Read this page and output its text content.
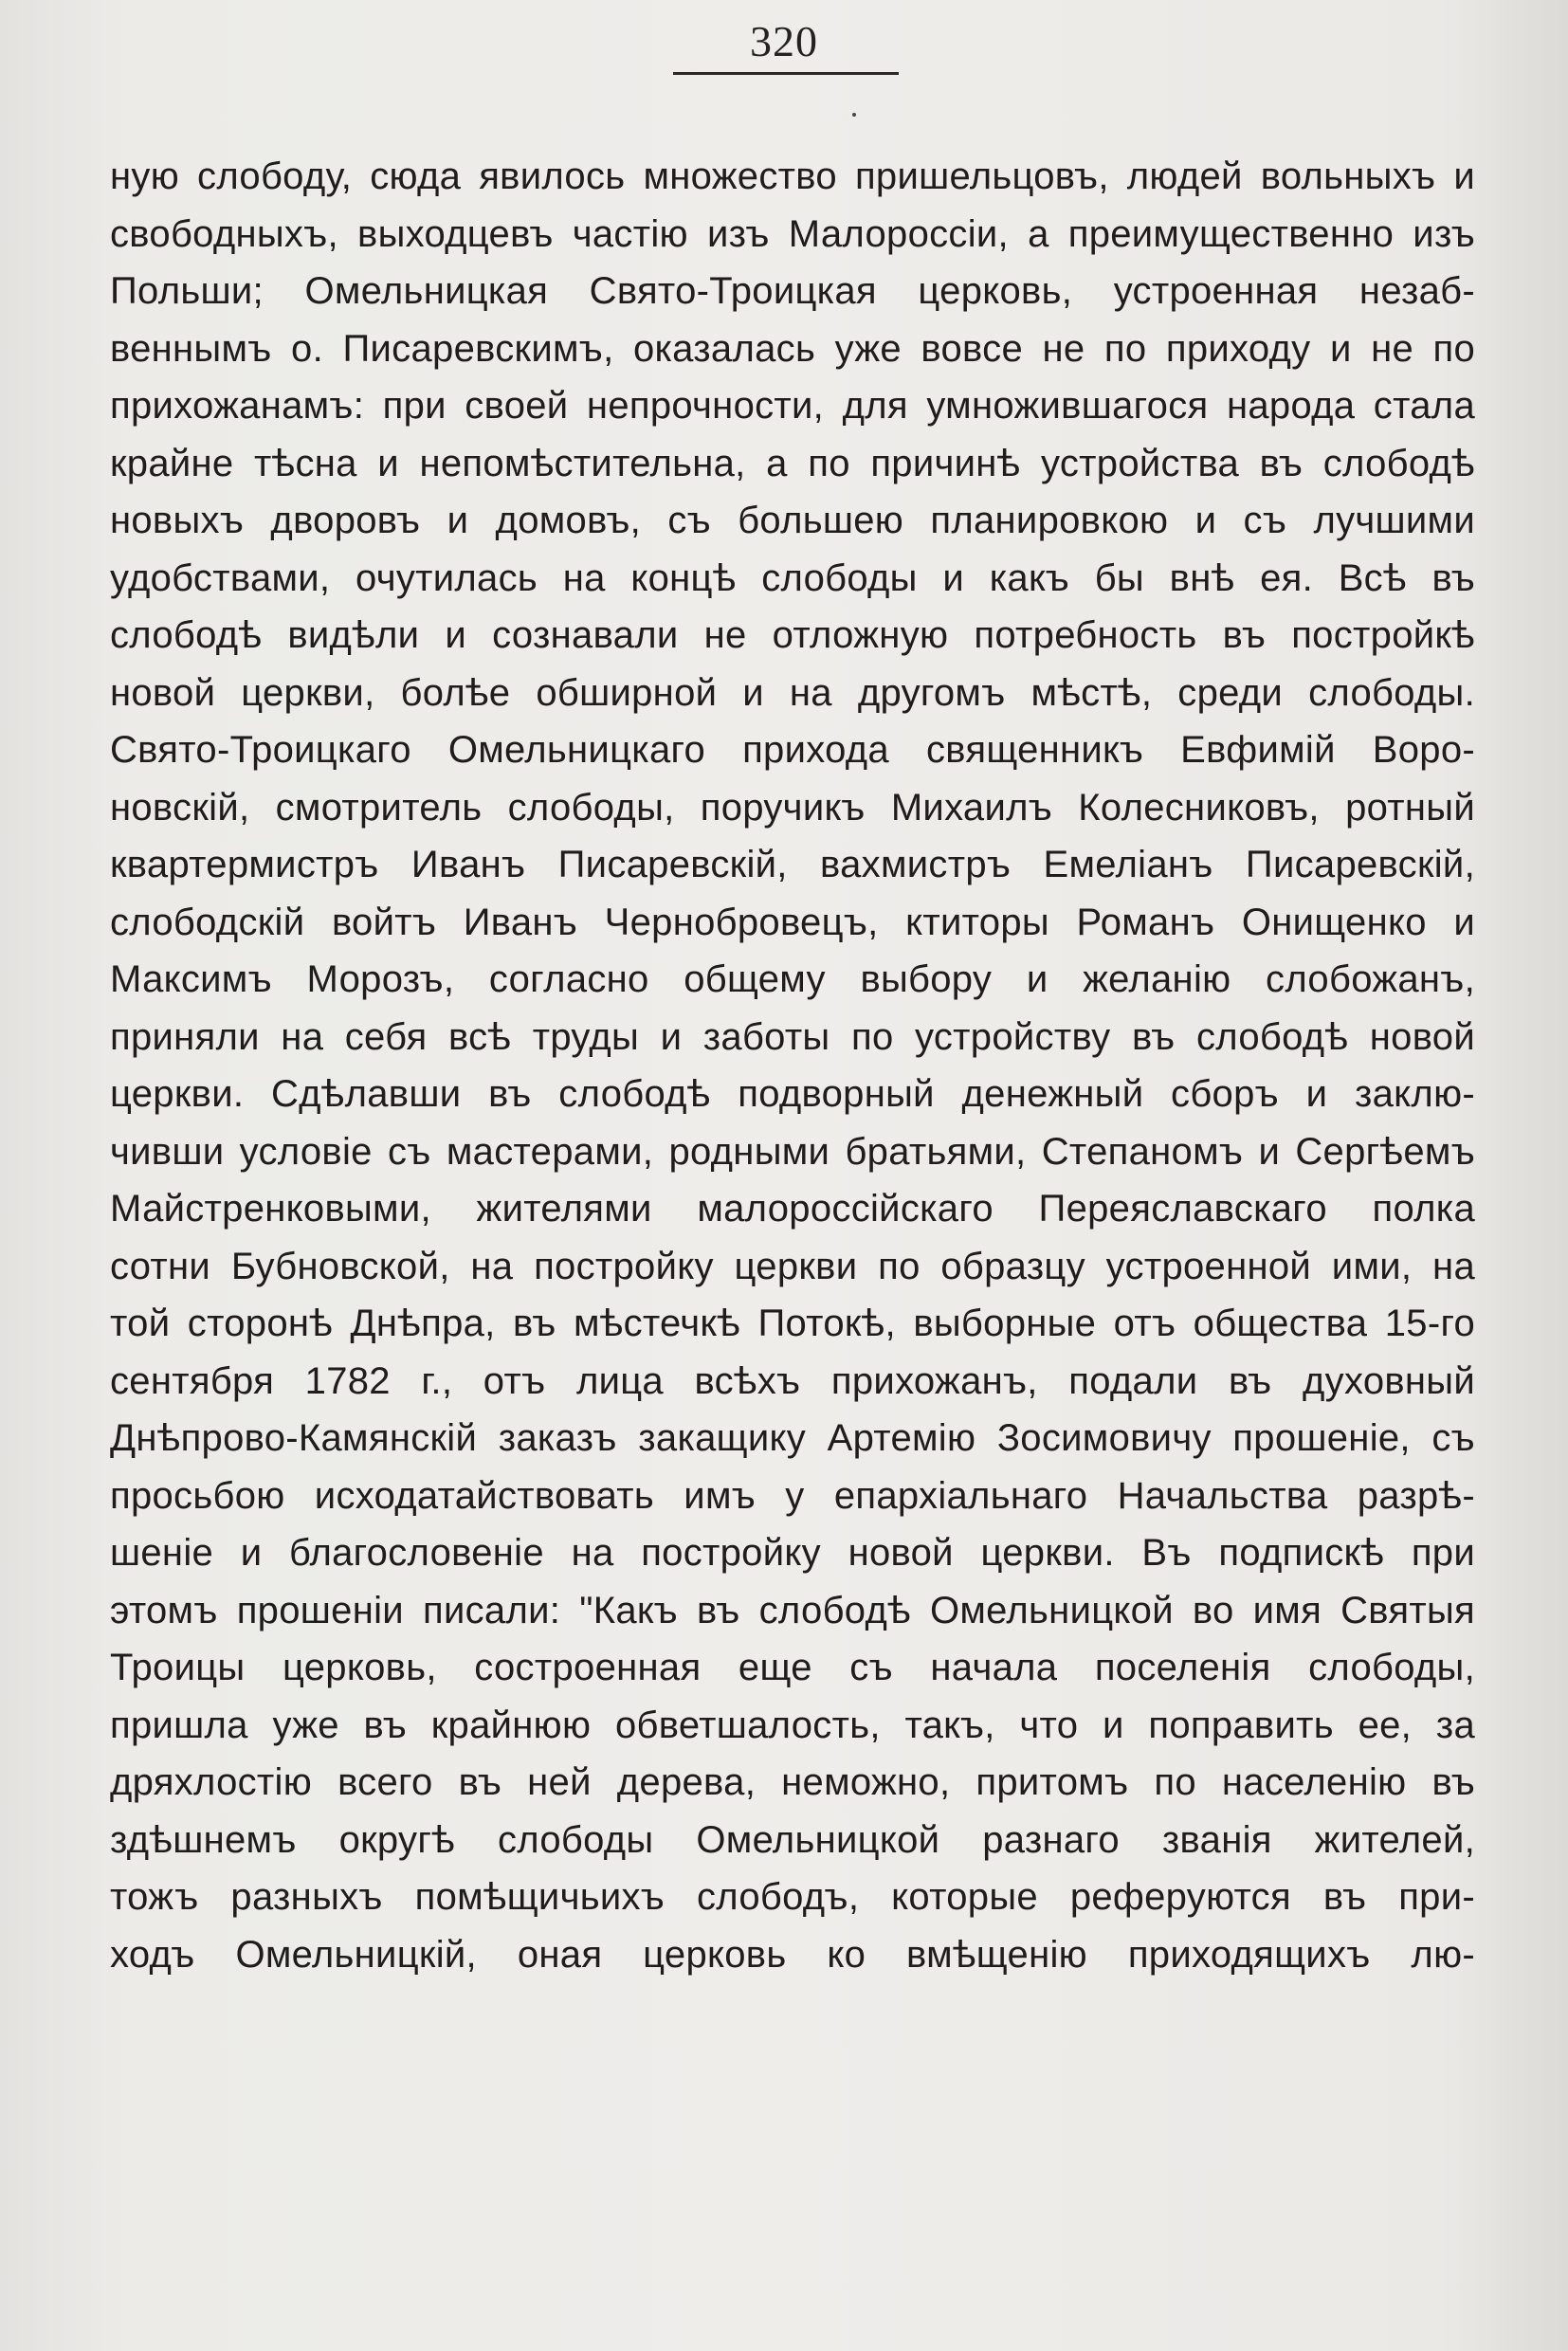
320
ную слободу, сюда явилось множество пришельцовъ, людей вольныхъ и
свободныхъ, выходцевъ частію изъ Малороссіи, а преимущественно изъ
Польши; Омельницкая Свято-Троицкая церковь, устроенная незаб-
веннымъ о. Писаревскимъ, оказалась уже вовсе не по приходу и не по
прихожанамъ: при своей непрочности, для умножившагося народа стала
крайне тѣсна и непомѣстительна, а по причинѣ устройства въ слободѣ
новыхъ дворовъ и домовъ, съ большею планировкою и съ лучшими
удобствами, очутилась на концѣ слободы и какъ бы внѣ ея. Всѣ въ
слободѣ видѣли и сознавали не отложную потребность въ постройкѣ
новой церкви, болѣе обширной и на другомъ мѣстѣ, среди слободы.
Свято-Троицкаго Омельницкаго прихода священникъ Евфимій Воро-
новскій, смотритель слободы, поручикъ Михаилъ Колесниковъ, ротный
квартермистръ Иванъ Писаревскій, вахмистръ Емеліанъ Писаревскій,
слободскій войтъ Иванъ Чернобровецъ, ктиторы Романъ Онищенко и
Максимъ Морозъ, согласно общему выбору и желанію слобожанъ,
приняли на себя всѣ труды и заботы по устройству въ слободѣ новой
церкви. Сдѣлавши въ слободѣ подворный денежный сборъ и заклю-
чивши условіе съ мастерами, родными братьями, Степаномъ и Сергѣемъ
Майстренковыми, жителями малороссійскаго Переяславскаго полка
сотни Бубновской, на постройку церкви по образцу устроенной ими, на
той сторонѣ Днѣпра, въ мѣстечкѣ Потокѣ, выборные отъ общества 15-го
сентября 1782 г., отъ лица всѣхъ прихожанъ, подали въ духовный
Днѣпрово-Камянскій заказъ закащику Артемію Зосимовичу прошеніе, съ
просьбою исходатайствовать имъ у епархіальнаго Начальства разрѣ-
шеніе и благословеніе на постройку новой церкви. Въ подпискѣ при
этомъ прошеніи писали: "Какъ въ слободѣ Омельницкой во имя Святыя
Троицы церковь, состроенная еще съ начала поселенія слободы,
пришла уже въ крайнюю обветшалость, такъ, что и поправить ее, за
дряхлостію всего въ ней дерева, неможно, притомъ по населенію въ
здѣшнемъ округѣ слободы Омельницкой разнаго званія жителей,
тожъ разныхъ помѣщичьихъ слободъ, которые реферуются въ при-
ходъ Омельницкій, оная церковь ко вмѣщенію приходящихъ лю-
